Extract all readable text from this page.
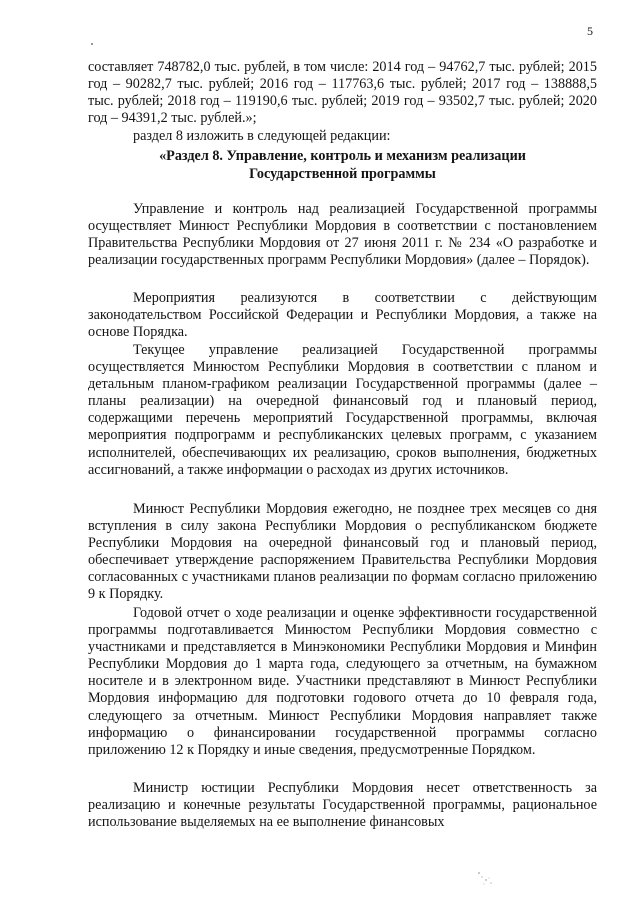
5

составляет 748782,0 тыс. рублей, в том числе: 2014 год – 94762,7 тыс. рублей; 2015 год – 90282,7 тыс. рублей; 2016 год – 117763,6 тыс. рублей; 2017 год – 138888,5 тыс. рублей; 2018 год – 119190,6 тыс. рублей; 2019 год – 93502,7 тыс. рублей; 2020 год – 94391,2 тыс. рублей.»;

раздел 8 изложить в следующей редакции:

«Раздел 8. Управление, контроль и механизм реализации
Государственной программы

Управление и контроль над реализацией Государственной программы осуществляет Минюст Республики Мордовия в соответствии с постановлением Правительства Республики Мордовия от 27 июня 2011 г. № 234 «О разработке и реализации государственных программ Республики Мордовия» (далее – Порядок).

Мероприятия реализуются в соответствии с действующим законодательством Российской Федерации и Республики Мордовия, а также на основе Порядка.

Текущее управление реализацией Государственной программы осуществляется Минюстом Республики Мордовия в соответствии с планом и детальным планом-графиком реализации Государственной программы (далее – планы реализации) на очередной финансовый год и плановый период, содержащими перечень мероприятий Государственной программы, включая мероприятия подпрограмм и республиканских целевых программ, с указанием исполнителей, обеспечивающих их реализацию, сроков выполнения, бюджетных ассигнований, а также информации о расходах из других источников.

Минюст Республики Мордовия ежегодно, не позднее трех месяцев со дня вступления в силу закона Республики Мордовия о республиканском бюджете Республики Мордовия на очередной финансовый год и плановый период, обеспечивает утверждение распоряжением Правительства Республики Мордовия согласованных с участниками планов реализации по формам согласно приложению 9 к Порядку.

Годовой отчет о ходе реализации и оценке эффективности государственной программы подготавливается Минюстом Республики Мордовия совместно с участниками и представляется в Минэкономики Республики Мордовия и Минфин Республики Мордовия до 1 марта года, следующего за отчетным, на бумажном носителе и в электронном виде. Участники представляют в Минюст Республики Мордовия информацию для подготовки годового отчета до 10 февраля года, следующего за отчетным. Минюст Республики Мордовия направляет также информацию о финансировании государственной программы согласно приложению 12 к Порядку и иные сведения, предусмотренные Порядком.

Министр юстиции Республики Мордовия несет ответственность за реализацию и конечные результаты Государственной программы, рациональное использование выделяемых на ее выполнение финансовых
